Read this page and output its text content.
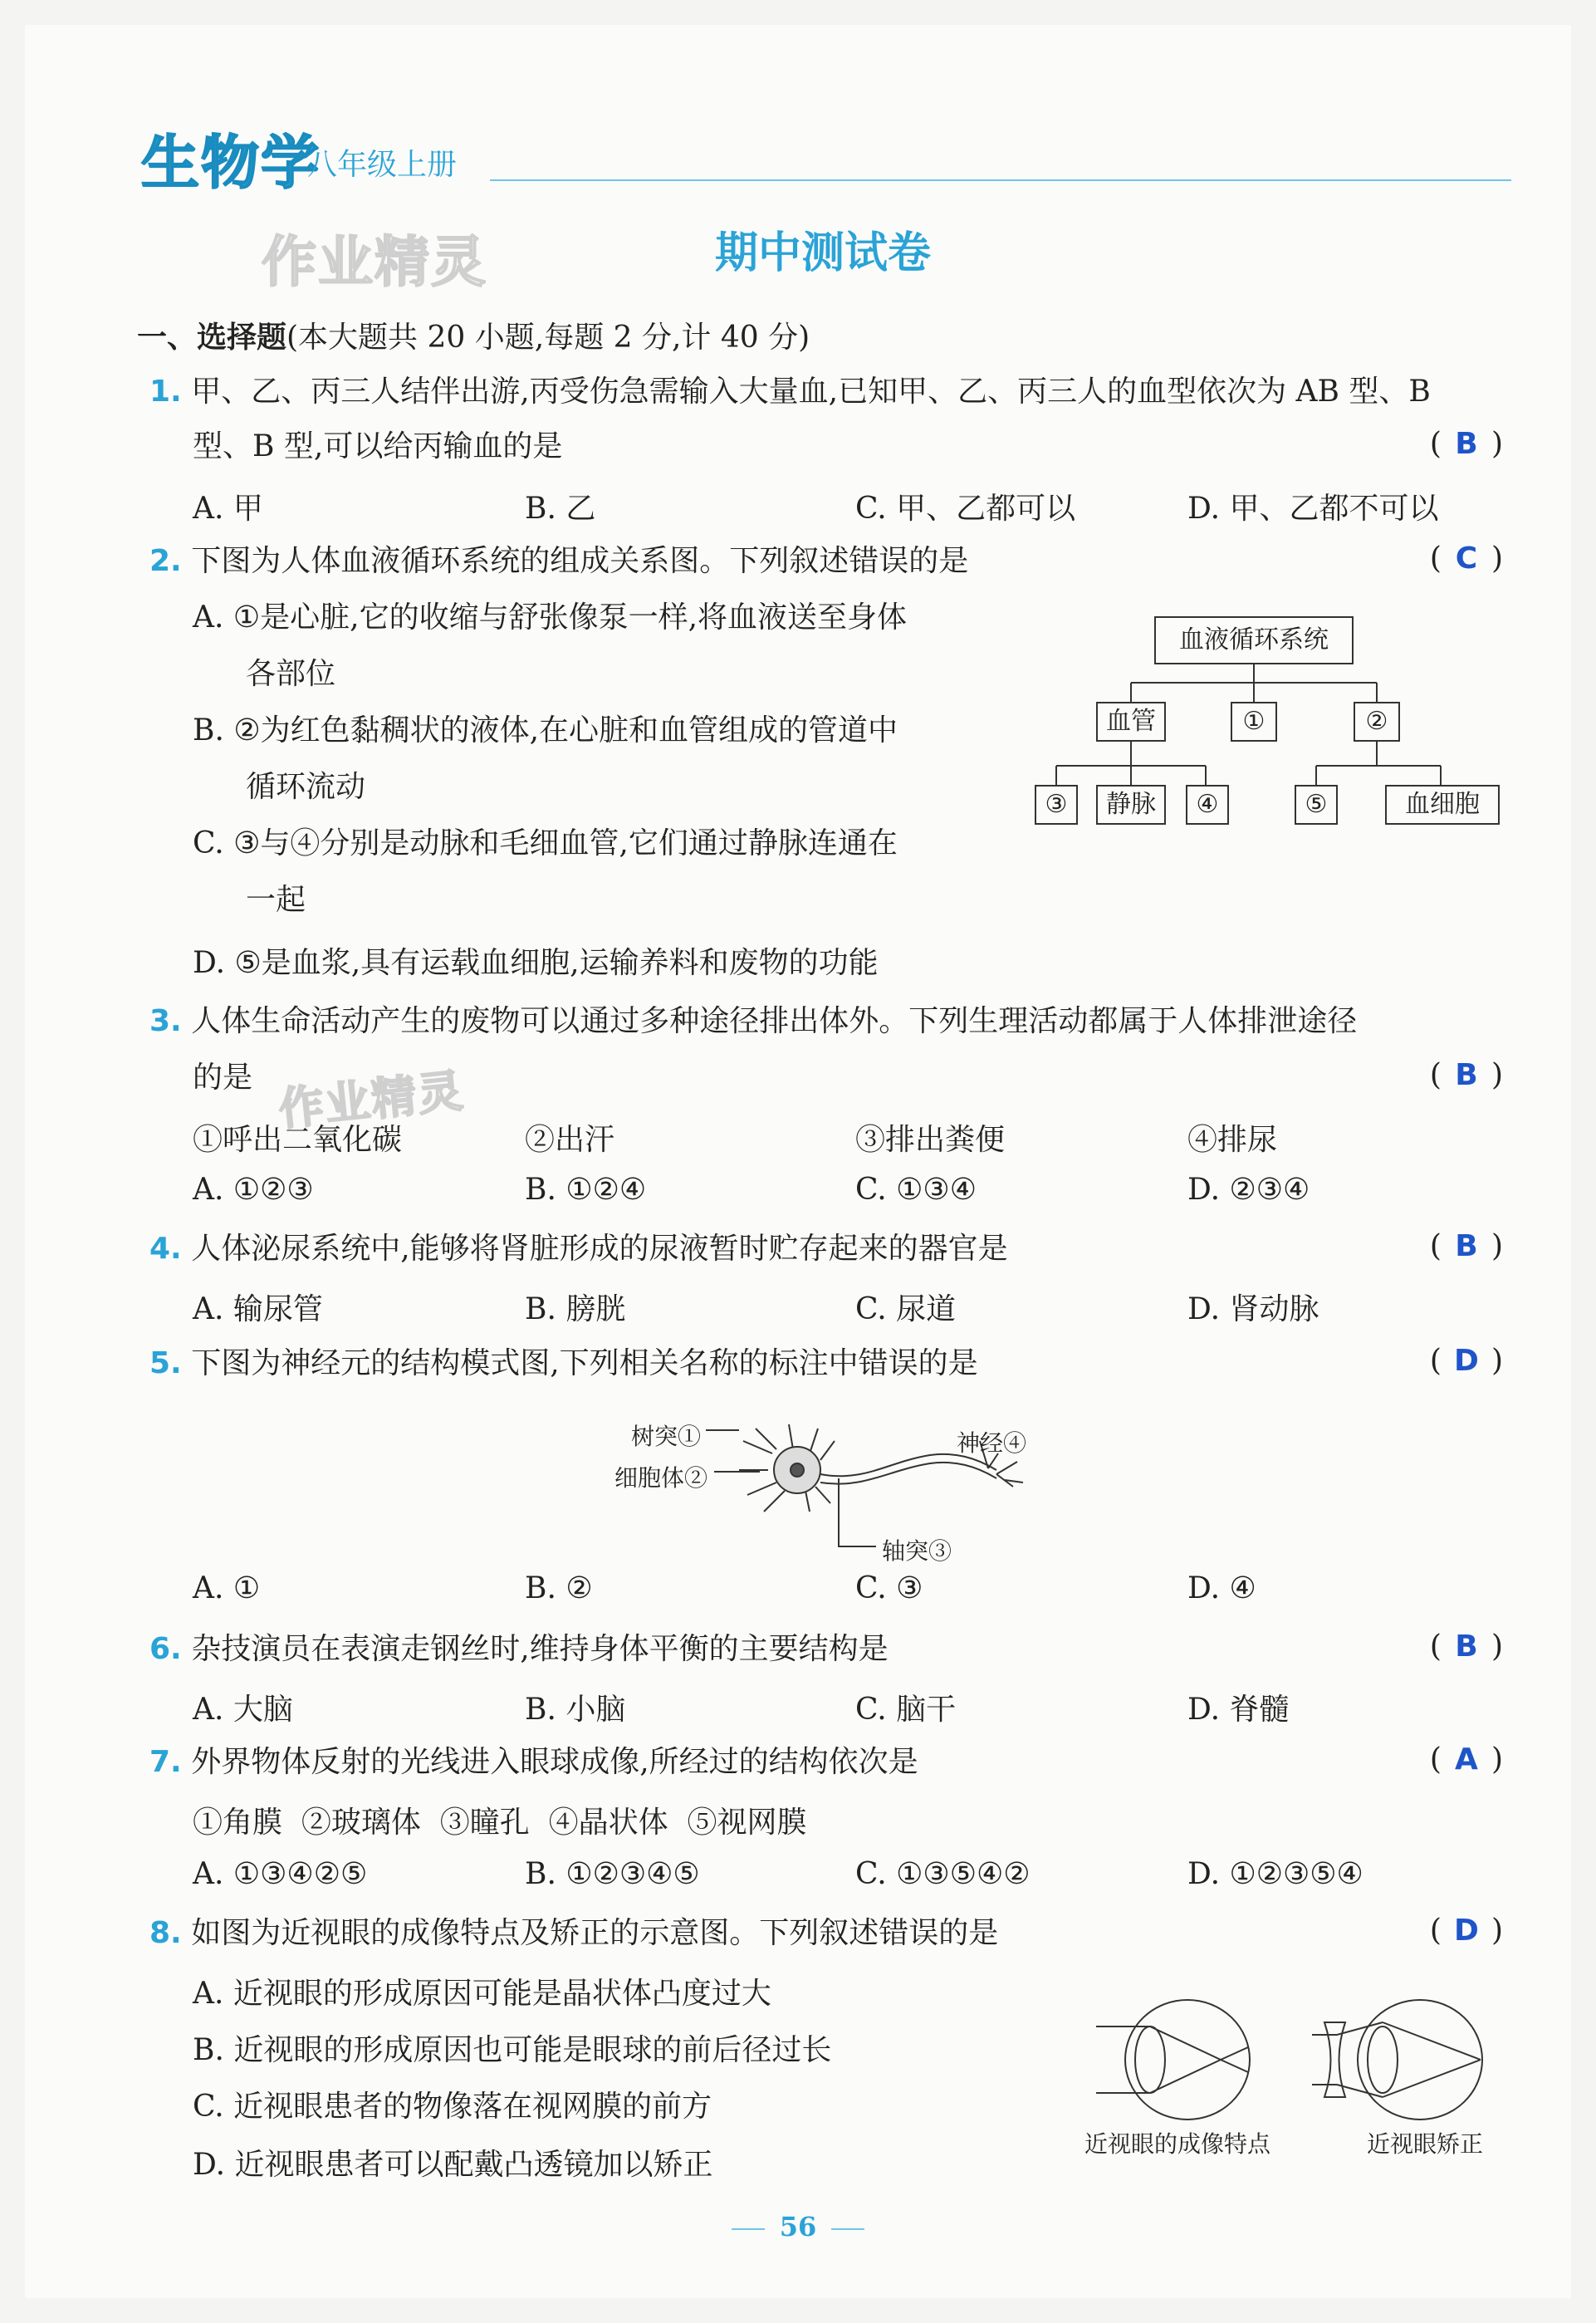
生物学
八年级上册
作业精灵	期中测试卷
一、选择题(本大题共 20 小题,每题 2 分,计 40 分)
1. 甲、乙、丙三人结伴出游,丙受伤急需输入大量血,已知甲、乙、丙三人的血型依次为 AB 型、B
型、B 型,可以给丙输血的是	( B )
A. 甲	B. 乙	C. 甲、乙都可以	D. 甲、乙都不可以
2. 下图为人体血液循环系统的组成关系图。下列叙述错误的是	( C )
A. ①是心脏,它的收缩与舒张像泵一样,将血液送至身体
各部位
B. ②为红色黏稠状的液体,在心脏和血管组成的管道中
循环流动
C. ③与④分别是动脉和毛细血管,它们通过静脉连通在
一起
D. ⑤是血浆,具有运载血细胞,运输养料和废物的功能
血液循环系统
血管	①	②
③	静脉	④	⑤	血细胞
3. 人体生命活动产生的废物可以通过多种途径排出体外。下列生理活动都属于人体排泄途径
的是	( B )
作业精灵
①呼出二氧化碳	②出汗	③排出粪便	④排尿
A. ①②③	B. ①②④	C. ①③④	D. ②③④
4. 人体泌尿系统中,能够将肾脏形成的尿液暂时贮存起来的器官是	( B )
A. 输尿管	B. 膀胱	C. 尿道	D. 肾动脉
5. 下图为神经元的结构模式图,下列相关名称的标注中错误的是	( D )
树突①
细胞体②
轴突③
神经④
A. ①	B. ②	C. ③	D. ④
6. 杂技演员在表演走钢丝时,维持身体平衡的主要结构是	( B )
A. 大脑	B. 小脑	C. 脑干	D. 脊髓
7. 外界物体反射的光线进入眼球成像,所经过的结构依次是	( A )
①角膜  ②玻璃体  ③瞳孔  ④晶状体  ⑤视网膜
A. ①③④②⑤	B. ①②③④⑤	C. ①③⑤④②	D. ①②③⑤④
8. 如图为近视眼的成像特点及矫正的示意图。下列叙述错误的是	( D )
A. 近视眼的形成原因可能是晶状体凸度过大
B. 近视眼的形成原因也可能是眼球的前后径过长
C. 近视眼患者的物像落在视网膜的前方
D. 近视眼患者可以配戴凸透镜加以矫正
近视眼的成像特点	近视眼矫正
56
